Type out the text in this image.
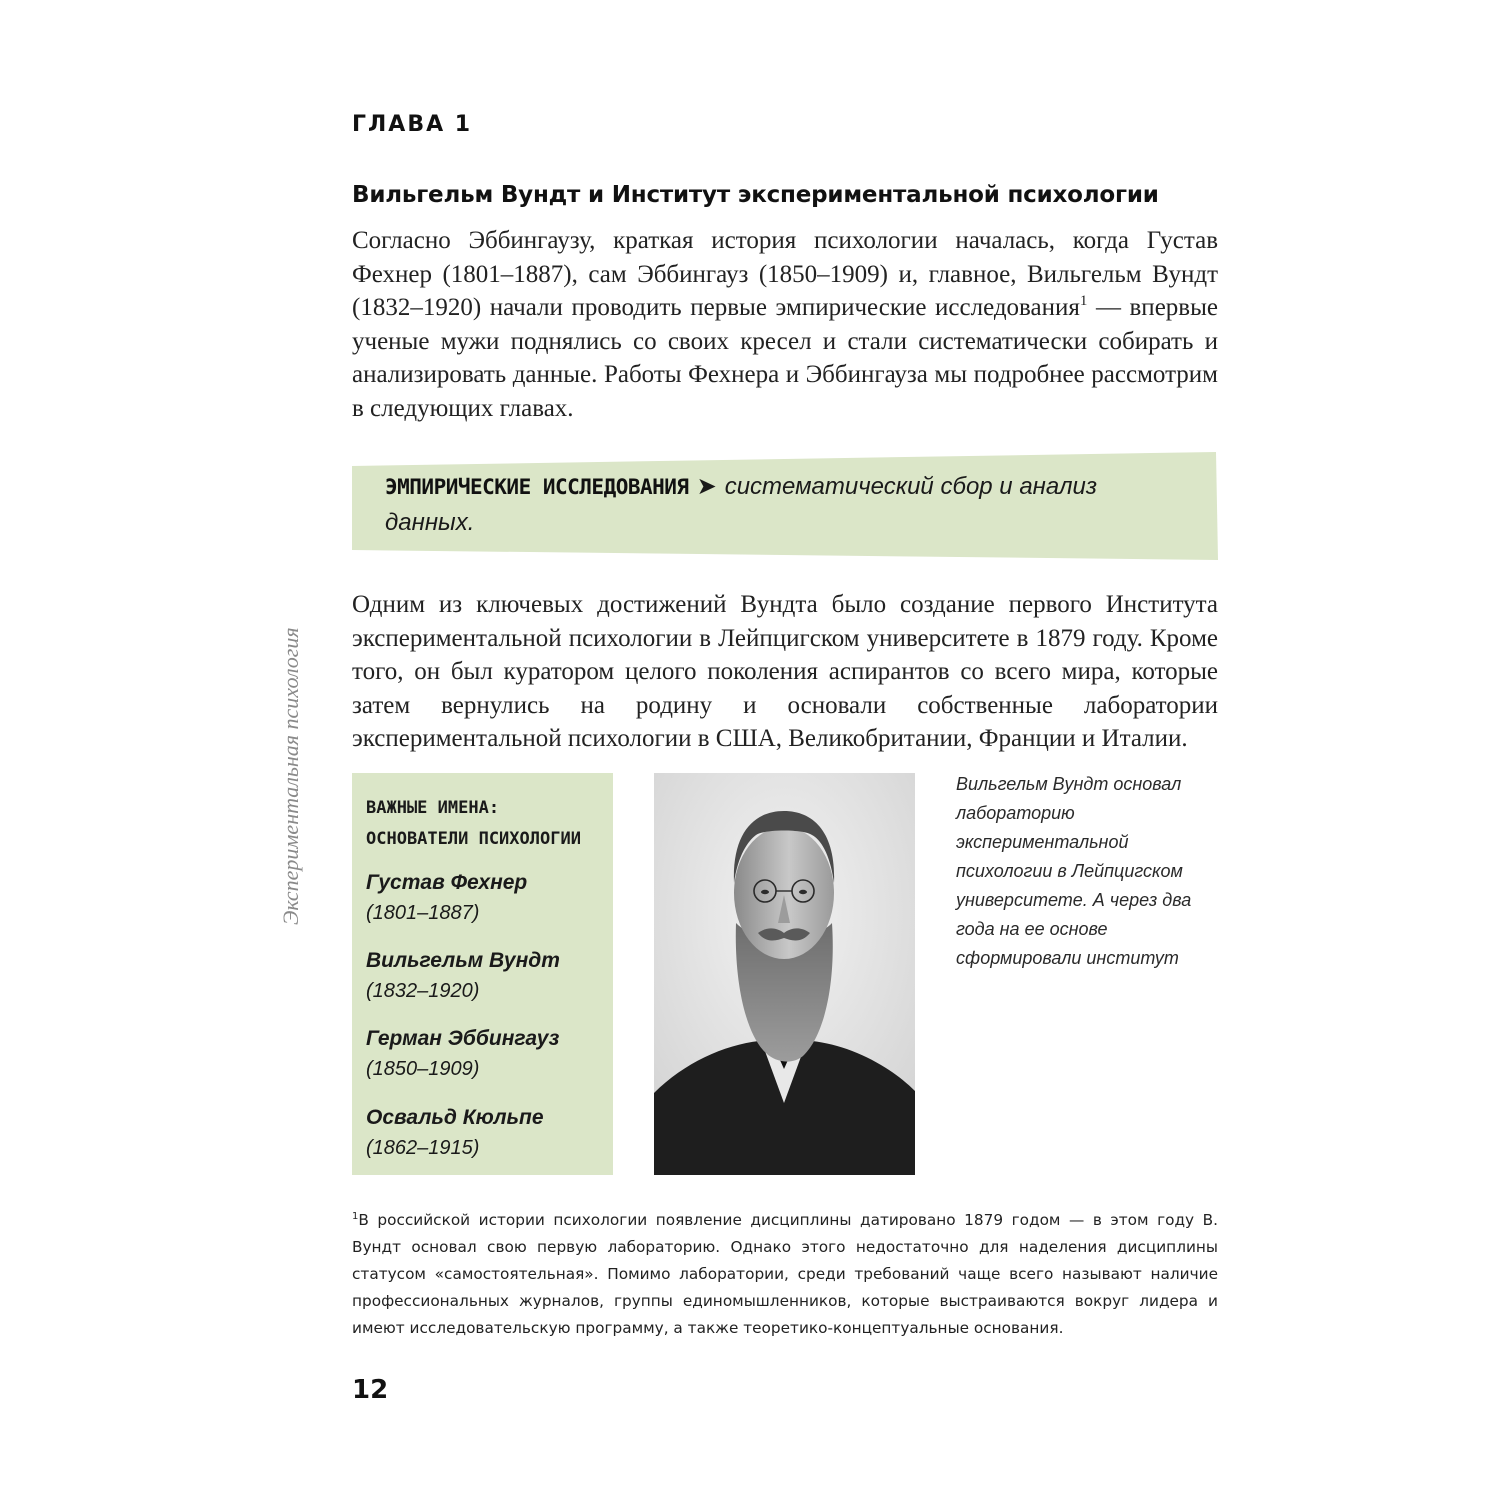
ГЛАВА 1
Вильгельм Вундт и Институт экспериментальной психологии

Согласно Эббингаузу, краткая история психологии началась, когда Густав Фехнер (1801–1887), сам Эббингауз (1850–1909) и, главное, Вильгельм Вундт (1832–1920) начали проводить первые эмпирические исследования$^1$ — впервые ученые мужи поднялись со своих кресел и стали систематически собирать и анализировать данные. Работы Фехнера и Эббингауза мы подробнее рассмотрим в следующих главах.

ЭМПИРИЧЕСКИЕ ИССЛЕДОВАНИЯ ➤ систематический сбор и анализ данных.

Одним из ключевых достижений Вундта было создание первого Института экспериментальной психологии в Лейпцигском университете в 1879 году. Кроме того, он был куратором целого поколения аспирантов со всего мира, которые затем вернулись на родину и основали собственные лаборатории экспериментальной психологии в США, Великобритании, Франции и Италии.

Экспериментальная психология	ВАЖНЫЕ ИМЕНА:
ОСНОВАТЕЛИ ПСИХОЛОГИИ
Густав Фехнер
(1801–1887)
Вильгельм Вундт
(1832–1920)
Герман Эббингауз
(1850–1909)
Освальд Кюльпе
(1862–1915)
Вильгельм Вундт основал лабораторию экспериментальной психологии в Лейпцигском университете. А через два года на ее основе сформировали институт

$^1$В российской истории психологии появление дисциплины датировано 1879 годом — в этом году В. Вундт основал свою первую лабораторию. Однако этого недостаточно для наделения дисциплины статусом «самостоятельная». Помимо лаборатории, среди требований чаще всего называют наличие профессиональных журналов, группы единомышленников, которые выстраиваются вокруг лидера и имеют исследовательскую программу, а также теоретико-концептуальные основания.

12
